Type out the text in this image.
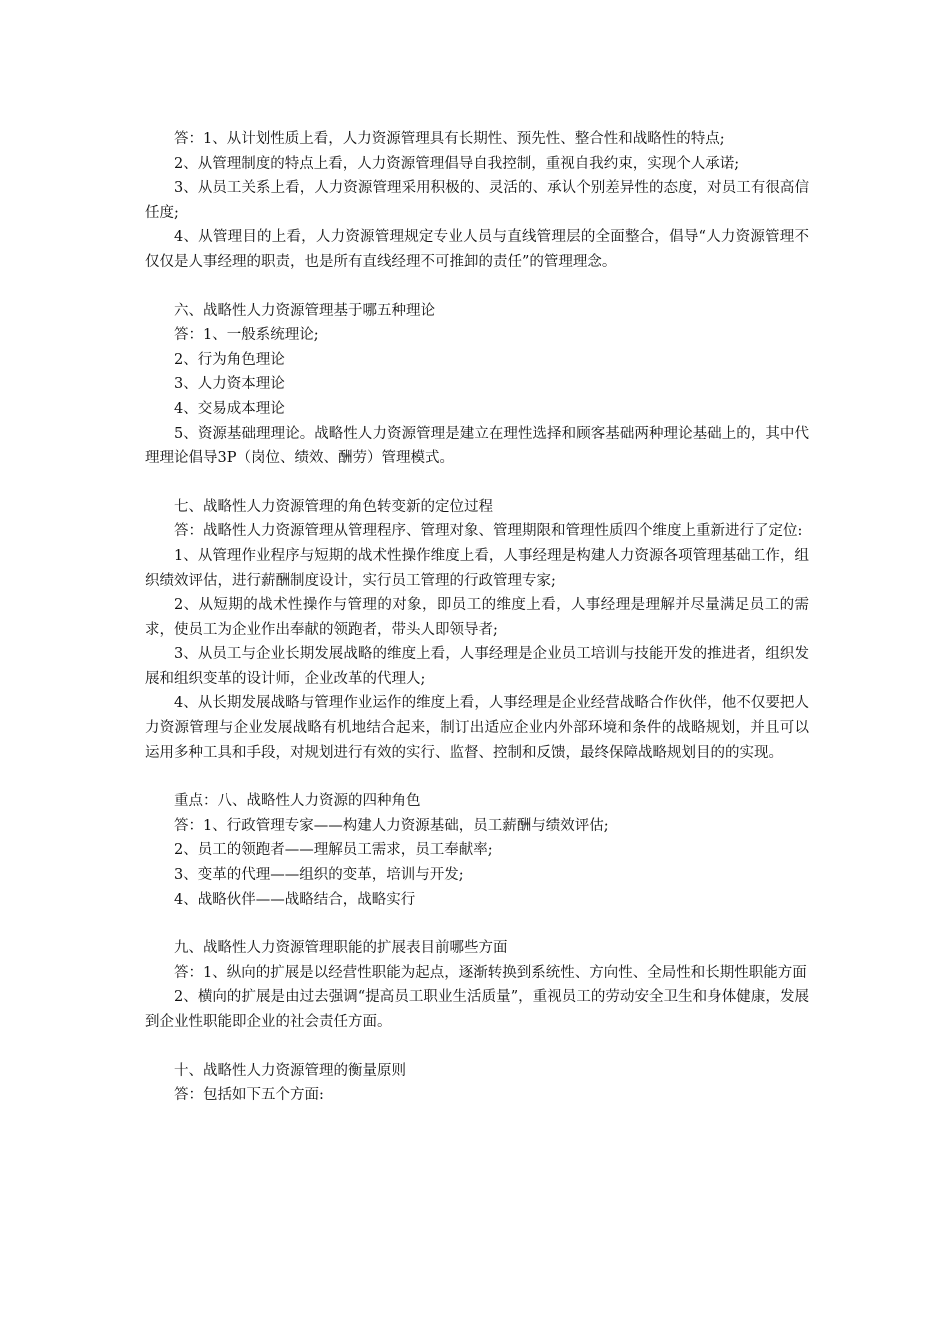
答：1、从计划性质上看，人力资源管理具有长期性、预先性、整合性和战略性的特点;

2、从管理制度的特点上看，人力资源管理倡导自我控制，重视自我约束，实现个人承诺;

3、从员工关系上看，人力资源管理采用积极的、灵活的、承认个别差异性的态度，对员工有很高信任度;

4、从管理目的上看，人力资源管理规定专业人员与直线管理层的全面整合，倡导“人力资源管理不仅仅是人事经理的职责，也是所有直线经理不可推卸的责任”的管理理念。

六、战略性人力资源管理基于哪五种理论

答：1、一般系统理论;

2、行为角色理论

3、人力资本理论

4、交易成本理论

5、资源基础理理论。战略性人力资源管理是建立在理性选择和顾客基础两种理论基础上的，其中代理理论倡导3P（岗位、绩效、酬劳）管理模式。

七、战略性人力资源管理的角色转变新的定位过程

答：战略性人力资源管理从管理程序、管理对象、管理期限和管理性质四个维度上重新进行了定位:

1、从管理作业程序与短期的战术性操作维度上看，人事经理是构建人力资源各项管理基础工作，组织绩效评估，进行薪酬制度设计，实行员工管理的行政管理专家;

2、从短期的战术性操作与管理的对象，即员工的维度上看，人事经理是理解并尽量满足员工的需求，使员工为企业作出奉献的领跑者，带头人即领导者;

3、从员工与企业长期发展战略的维度上看，人事经理是企业员工培训与技能开发的推进者，组织发展和组织变革的设计师，企业改革的代理人;

4、从长期发展战略与管理作业运作的维度上看，人事经理是企业经营战略合作伙伴，他不仅要把人力资源管理与企业发展战略有机地结合起来，制订出适应企业内外部环境和条件的战略规划，并且可以运用多种工具和手段，对规划进行有效的实行、监督、控制和反馈，最终保障战略规划目的的实现。

重点：八、战略性人力资源的四种角色

答：1、行政管理专家——构建人力资源基础，员工薪酬与绩效评估;

2、员工的领跑者——理解员工需求，员工奉献率;

3、变革的代理——组织的变革，培训与开发;

4、战略伙伴——战略结合，战略实行

九、战略性人力资源管理职能的扩展表目前哪些方面

答：1、纵向的扩展是以经营性职能为起点，逐渐转换到系统性、方向性、全局性和长期性职能方面

2、横向的扩展是由过去强调“提高员工职业生活质量”，重视员工的劳动安全卫生和身体健康，发展到企业性职能即企业的社会责任方面。

十、战略性人力资源管理的衡量原则

答：包括如下五个方面:
